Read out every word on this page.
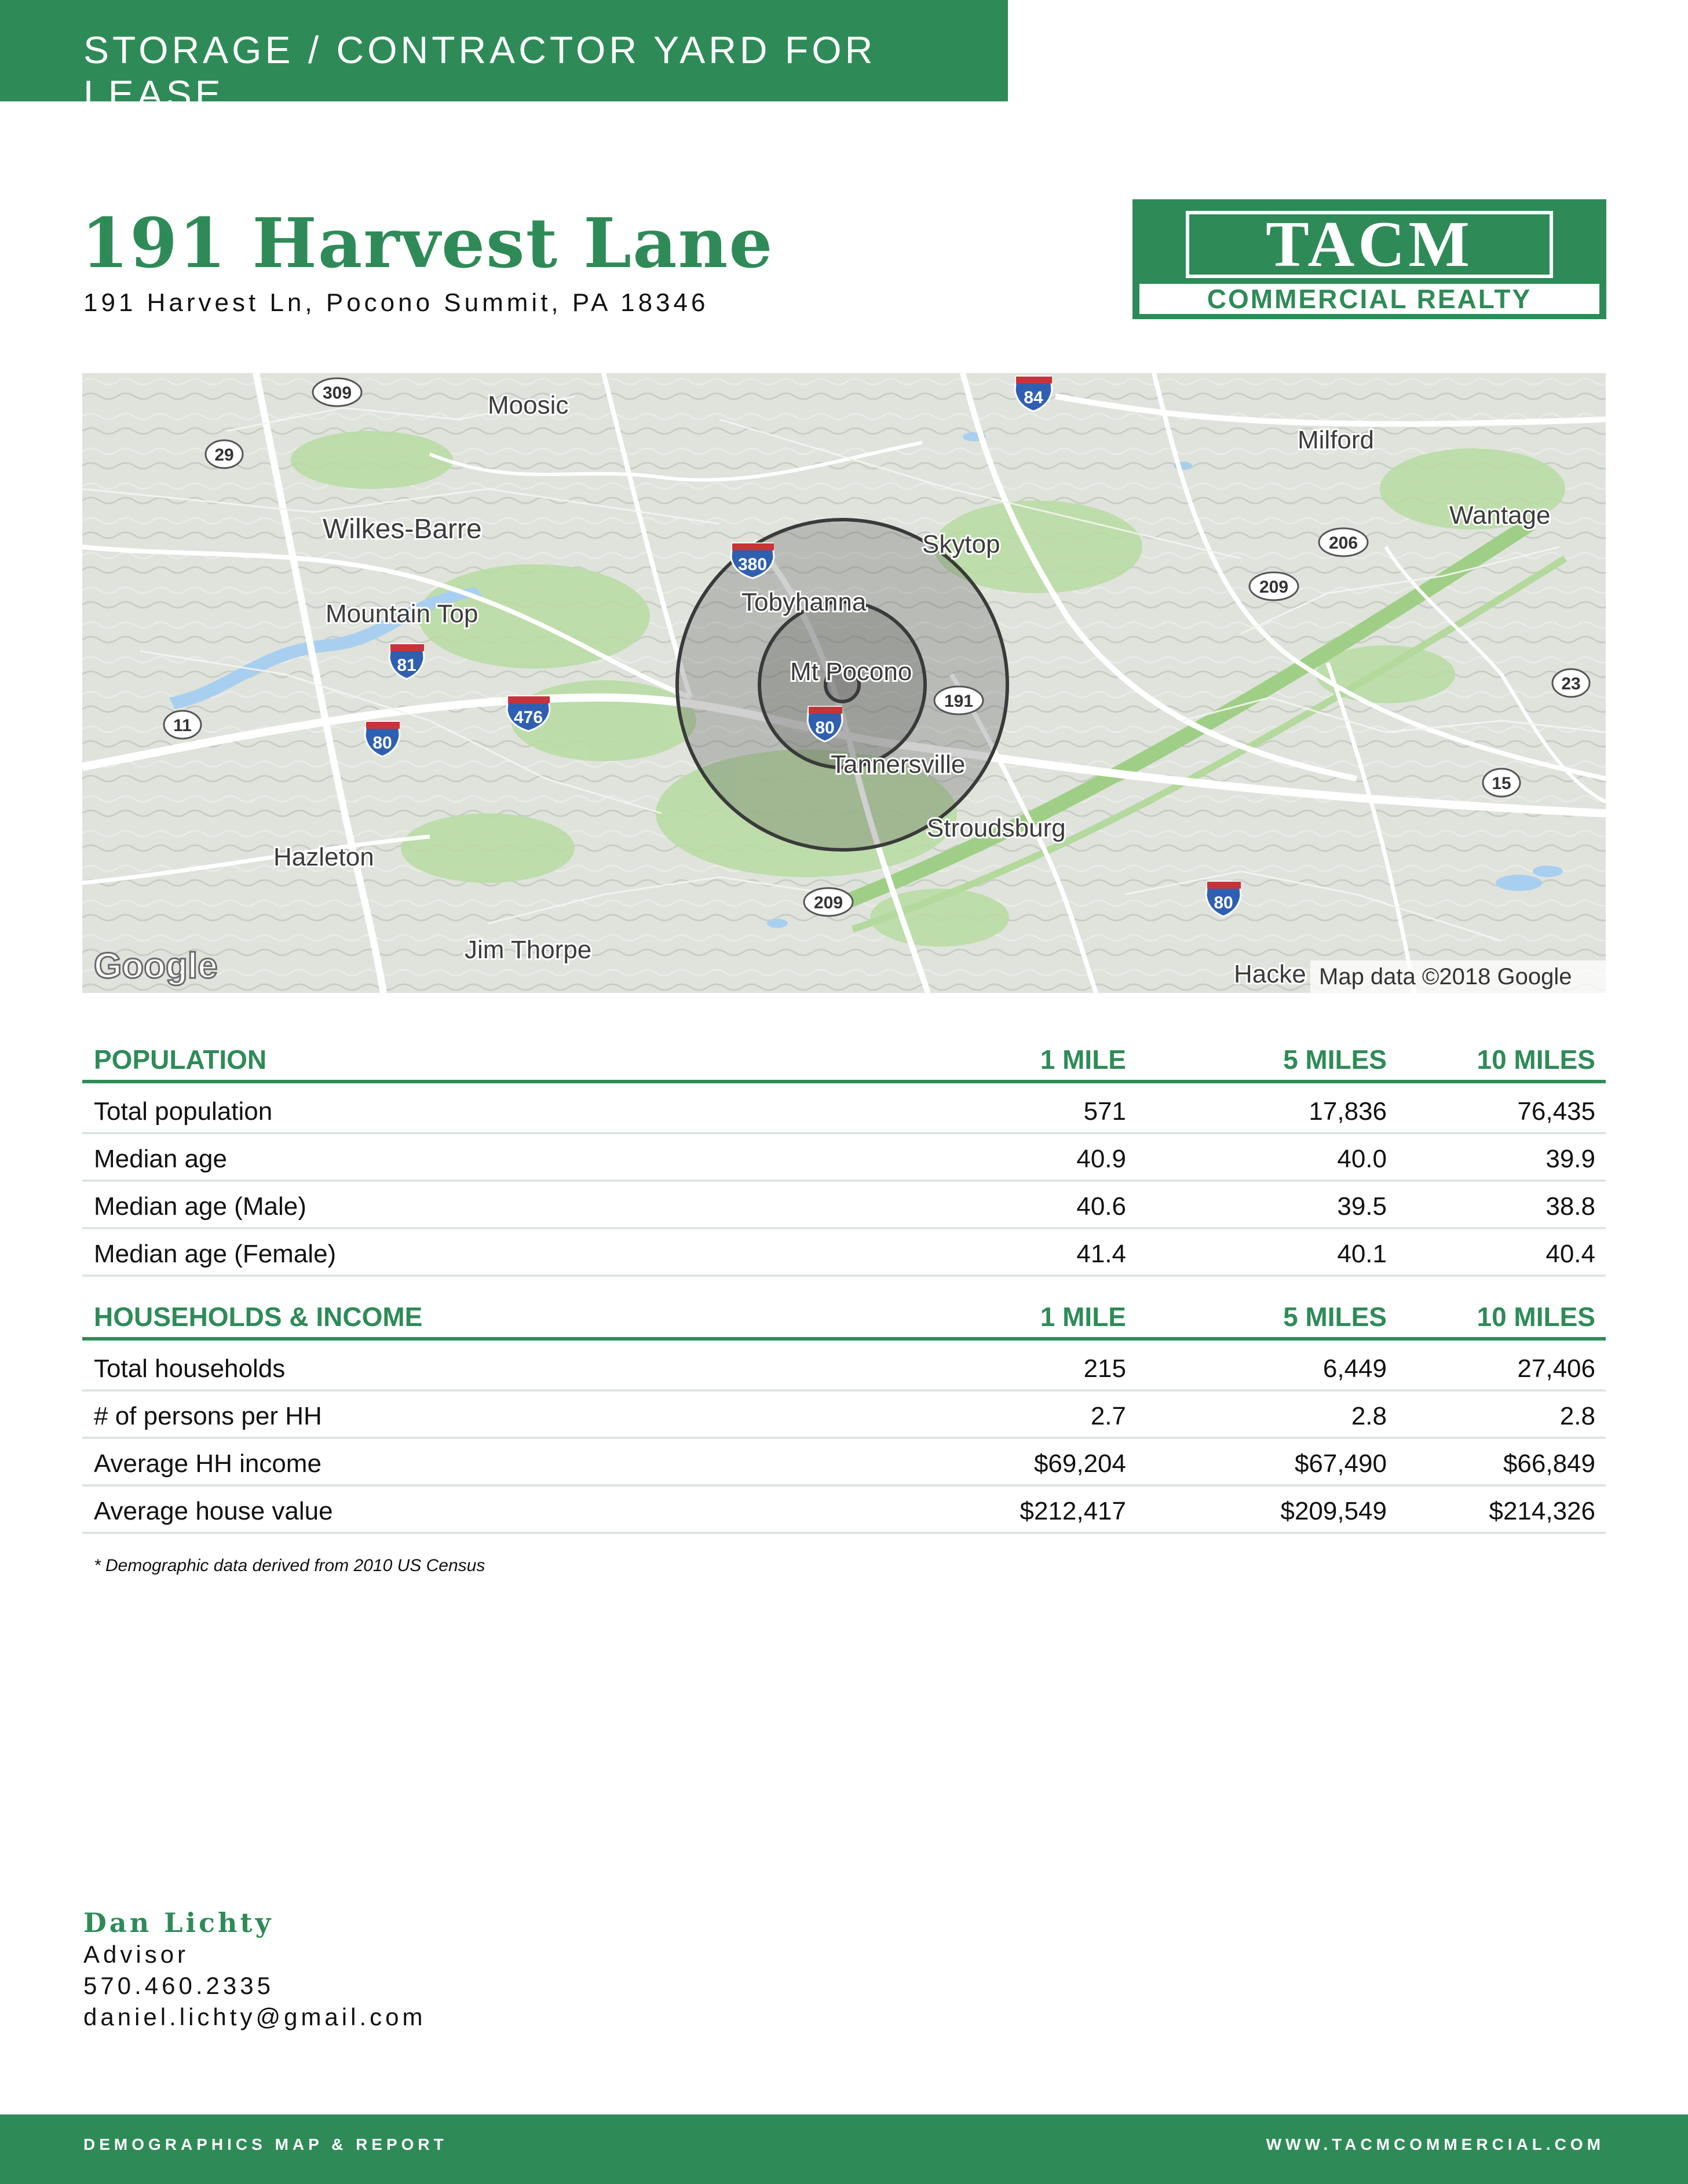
STORAGE / CONTRACTOR YARD FOR LEASE
191 Harvest Lane
191 Harvest Ln, Pocono Summit, PA 18346
TACM
COMMERCIAL REALTY
Moosic
Wilkes-Barre
Mountain Top
Hazleton
Jim Thorpe
Tobyhanna
Mt Pocono
Tannersville
Stroudsburg
Skytop
Milford
Wantage
Hacke
309
29
11
209
191
206
209
23
15
84
380
81
80
476
80
80
Google	Map data ©2018 Google
POPULATION	1 MILE	5 MILES	10 MILES
Total population	571	17,836	76,435
Median age	40.9	40.0	39.9
Median age (Male)	40.6	39.5	38.8
Median age (Female)	41.4	40.1	40.4
HOUSEHOLDS & INCOME	1 MILE	5 MILES	10 MILES
Total households	215	6,449	27,406
# of persons per HH	2.7	2.8	2.8
Average HH income	$69,204	$67,490	$66,849
Average house value	$212,417	$209,549	$214,326
* Demographic data derived from 2010 US Census
Dan Lichty
Advisor
570.460.2335
daniel.lichty@gmail.com
DEMOGRAPHICS MAP & REPORT	WWW.TACMCOMMERCIAL.COM
